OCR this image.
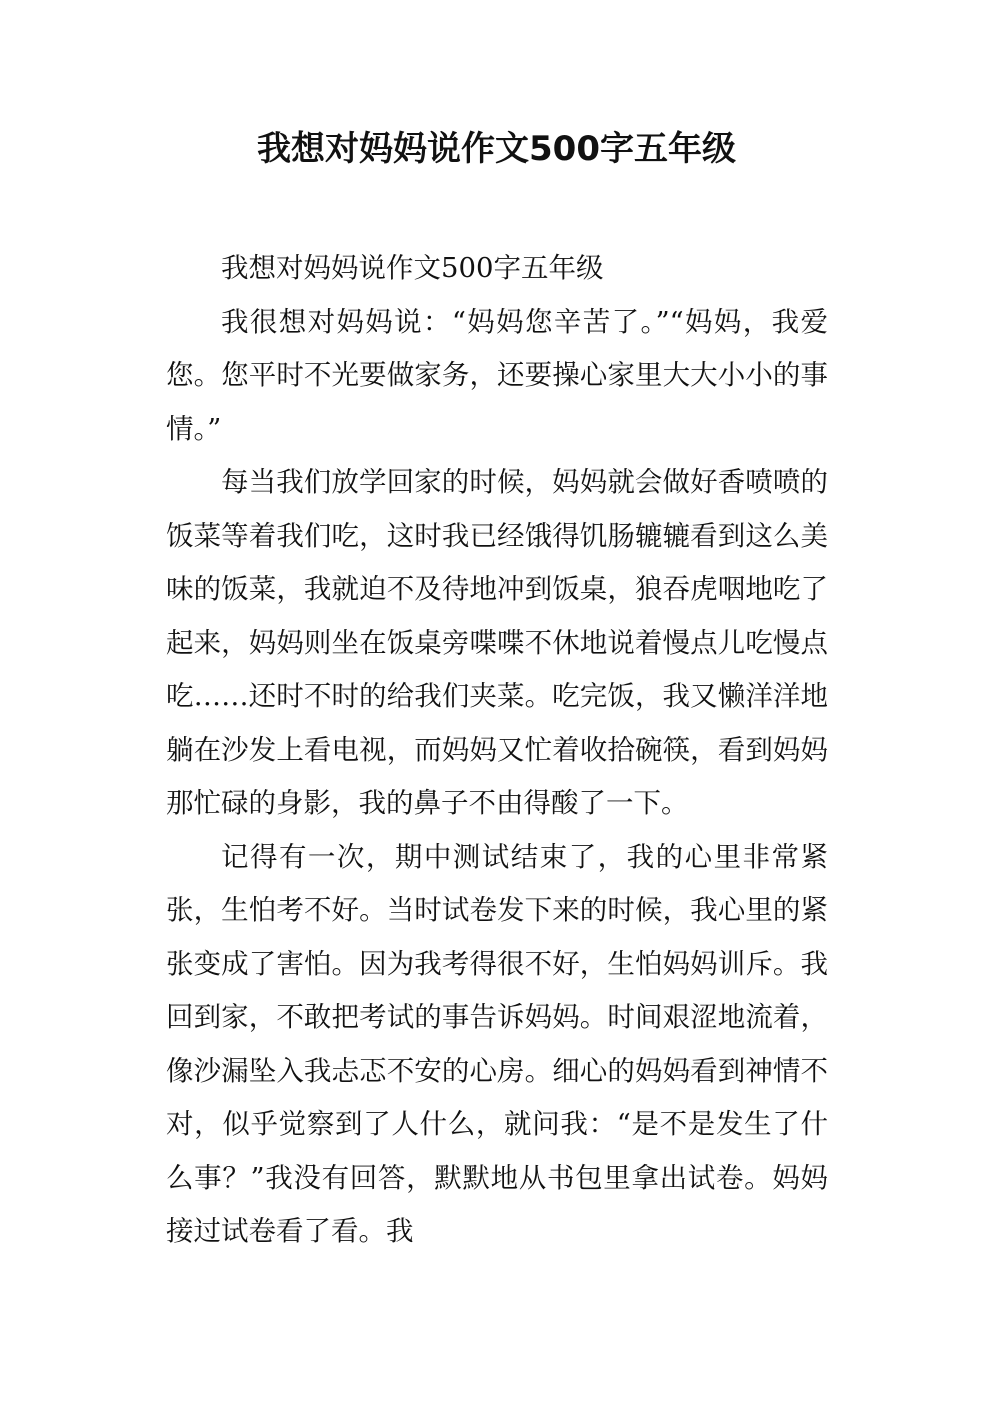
我想对妈妈说作文500字五年级

我想对妈妈说作文500字五年级

我很想对妈妈说：“妈妈您辛苦了。”“妈妈，我爱您。您平时不光要做家务，还要操心家里大大小小的事情。”

每当我们放学回家的时候，妈妈就会做好香喷喷的饭菜等着我们吃，这时我已经饿得饥肠辘辘看到这么美味的饭菜，我就迫不及待地冲到饭桌，狼吞虎咽地吃了起来，妈妈则坐在饭桌旁喋喋不休地说着慢点儿吃慢点吃……还时不时的给我们夹菜。吃完饭，我又懒洋洋地躺在沙发上看电视，而妈妈又忙着收拾碗筷，看到妈妈那忙碌的身影，我的鼻子不由得酸了一下。

记得有一次，期中测试结束了，我的心里非常紧张，生怕考不好。当时试卷发下来的时候，我心里的紧张变成了害怕。因为我考得很不好，生怕妈妈训斥。我回到家，不敢把考试的事告诉妈妈。时间艰涩地流着，像沙漏坠入我忐忑不安的心房。细心的妈妈看到神情不对，似乎觉察到了人什么，就问我：“是不是发生了什么事？”我没有回答，默默地从书包里拿出试卷。妈妈接过试卷看了看。我
